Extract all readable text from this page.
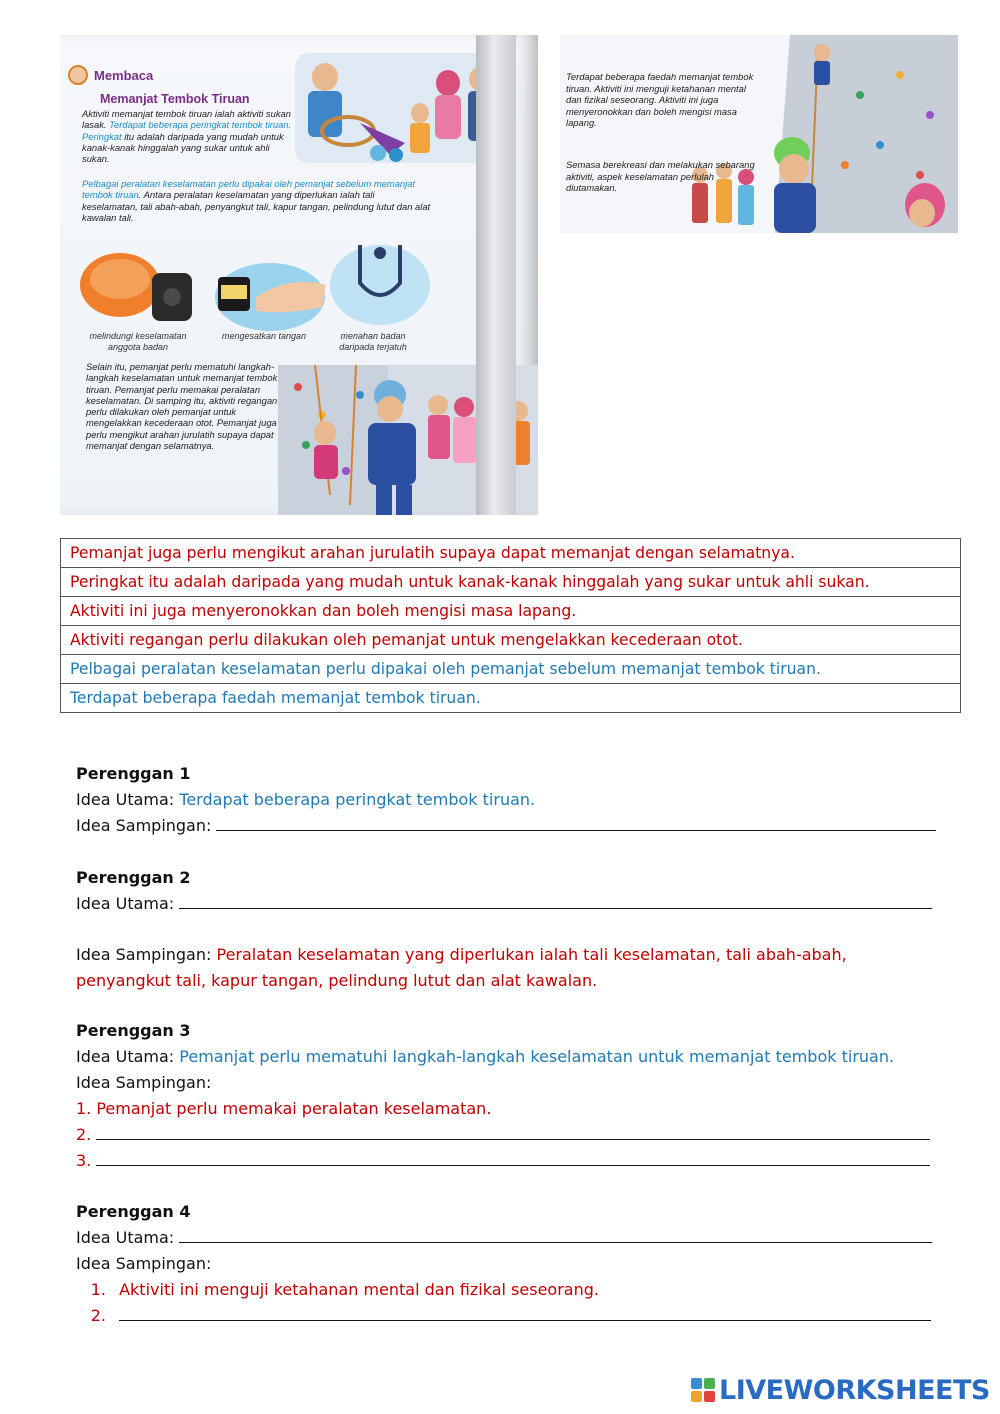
Membaca
Memanjat Tembok Tiruan
Aktiviti memanjat tembok tiruan ialah aktiviti sukan lasak. Terdapat beberapa peringkat tembok tiruan. Peringkat itu adalah daripada yang mudah untuk kanak-kanak hinggalah yang sukar untuk ahli sukan.
Pelbagai peralatan keselamatan perlu dipakai oleh pemanjat sebelum memanjat tembok tiruan. Antara peralatan keselamatan yang diperlukan ialah tali keselamatan, tali abah-abah, penyangkut tali, kapur tangan, pelindung lutut dan alat kawalan tali.
melindungi keselamatan anggota badan
mengesatkan tangan	menahan badan daripada terjatuh
Selain itu, pemanjat perlu mematuhi langkah-langkah keselamatan untuk memanjat tembok tiruan. Pemanjat perlu memakai peralatan keselamatan. Di samping itu, aktiviti regangan perlu dilakukan oleh pemanjat untuk mengelakkan kecederaan otot. Pemanjat juga perlu mengikut arahan jurulatih supaya dapat memanjat dengan selamatnya.
Terdapat beberapa faedah memanjat tembok tiruan. Aktiviti ini menguji ketahanan mental dan fizikal seseorang. Aktiviti ini juga menyeronokkan dan boleh mengisi masa lapang.
Semasa berekreasi dan melakukan sebarang aktiviti, aspek keselamatan perlulah diutamakan.
Pemanjat juga perlu mengikut arahan jurulatih supaya dapat memanjat dengan selamatnya.
Peringkat itu adalah daripada yang mudah untuk kanak-kanak hinggalah yang sukar untuk ahli sukan.
Aktiviti ini juga menyeronokkan dan boleh mengisi masa lapang.
Aktiviti regangan perlu dilakukan oleh pemanjat untuk mengelakkan kecederaan otot.
Pelbagai peralatan keselamatan perlu dipakai oleh pemanjat sebelum memanjat tembok tiruan.
Terdapat beberapa faedah memanjat tembok tiruan.
Perenggan 1
Idea Utama: Terdapat beberapa peringkat tembok tiruan.
Idea Sampingan:
Perenggan 2
Idea Utama:
Idea Sampingan: Peralatan keselamatan yang diperlukan ialah tali keselamatan, tali abah-abah,
penyangkut tali, kapur tangan, pelindung lutut dan alat kawalan.
Perenggan 3
Idea Utama: Pemanjat perlu mematuhi langkah-langkah keselamatan untuk memanjat tembok tiruan.
Idea Sampingan:
1. Pemanjat perlu memakai peralatan keselamatan.
2.
3.
Perenggan 4
Idea Utama:
Idea Sampingan:
1. Aktiviti ini menguji ketahanan mental dan fizikal seseorang.
2.
LIVEWORKSHEETS
